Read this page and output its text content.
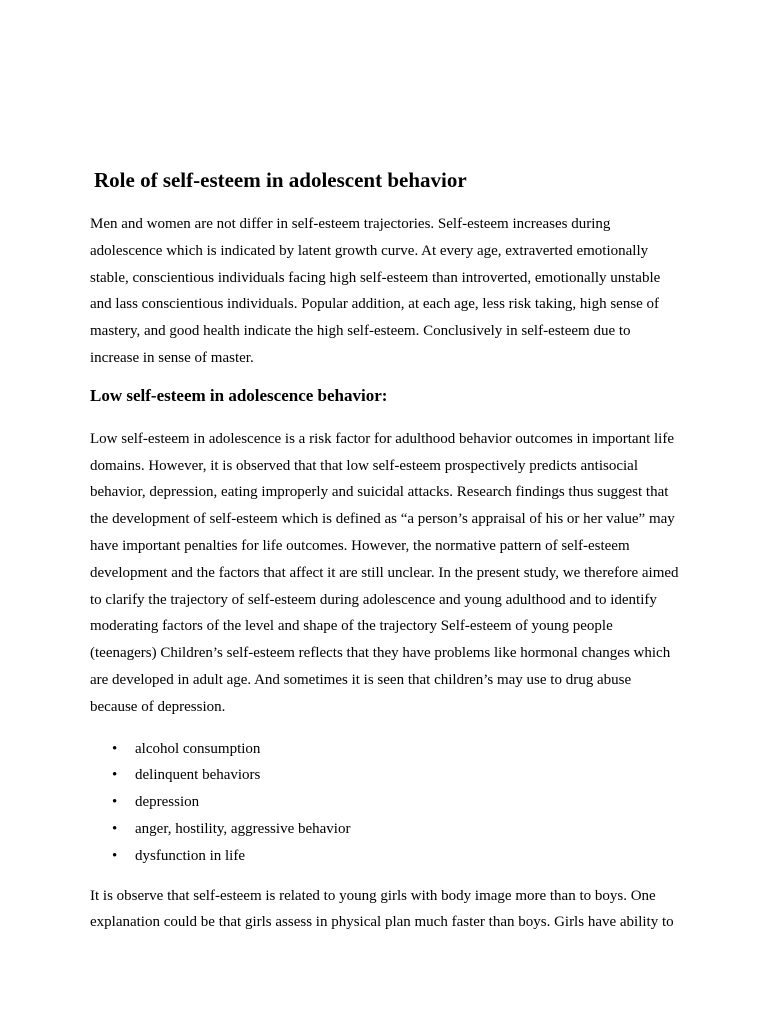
Role of self-esteem in adolescent behavior

Men and women are not differ in self-esteem trajectories. Self-esteem increases during adolescence which is indicated by latent growth curve. At every age, extraverted emotionally stable, conscientious individuals facing high self-esteem than introverted, emotionally unstable and lass conscientious individuals. Popular addition, at each age, less risk taking, high sense of mastery, and good health indicate the high self-esteem. Conclusively in self-esteem due to increase in sense of master.

Low self-esteem in adolescence behavior:

Low self-esteem in adolescence is a risk factor for adulthood behavior outcomes in important life domains. However, it is observed that that low self-esteem prospectively predicts antisocial behavior, depression, eating improperly and suicidal attacks. Research findings thus suggest that the development of self-esteem which is defined as “a person’s appraisal of his or her value” may have important penalties for life outcomes. However, the normative pattern of self-esteem development and the factors that affect it are still unclear. In the present study, we therefore aimed to clarify the trajectory of self-esteem during adolescence and young adulthood and to identify moderating factors of the level and shape of the trajectory Self-esteem of young people (teenagers) Children’s self-esteem reflects that they have problems like hormonal changes which are developed in adult age. And sometimes it is seen that children’s may use to drug abuse because of depression.

• alcohol consumption
• delinquent behaviors
• depression
• anger, hostility, aggressive behavior
• dysfunction in life

It is observe that self-esteem is related to young girls with body image more than to boys. One explanation could be that girls assess in physical plan much faster than boys. Girls have ability to
